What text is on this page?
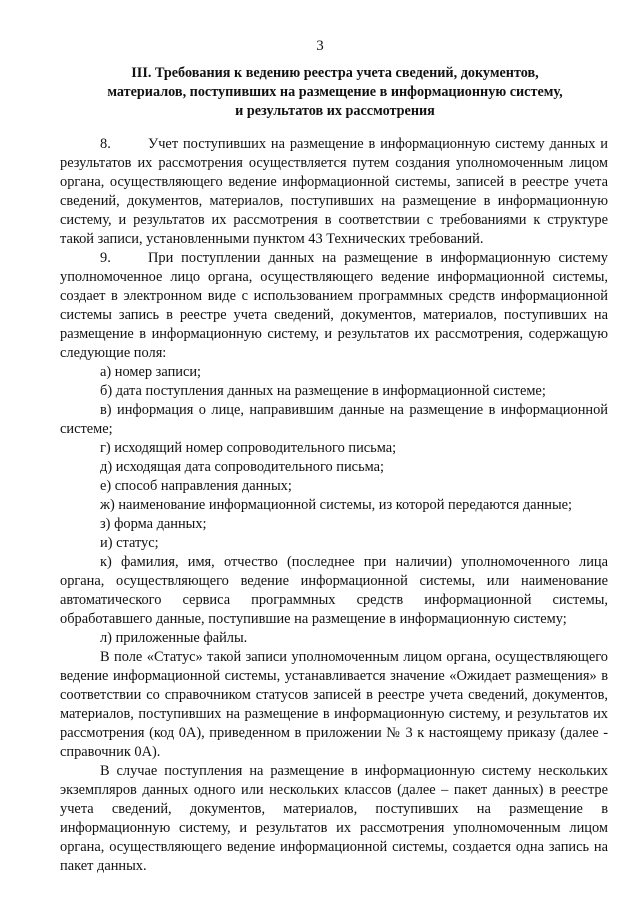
3
III. Требования к ведению реестра учета сведений, документов,
материалов, поступивших на размещение в информационную систему,
и результатов их рассмотрения

8.	Учет поступивших на размещение в информационную систему данных и результатов их рассмотрения осуществляется путем создания уполномоченным лицом органа, осуществляющего ведение информационной системы, записей в реестре учета сведений, документов, материалов, поступивших на размещение в информационную систему, и результатов их рассмотрения в соответствии с требованиями к структуре такой записи, установленными пунктом 43 Технических требований.

9.	При поступлении данных на размещение в информационную систему уполномоченное лицо органа, осуществляющего ведение информационной системы, создает в электронном виде с использованием программных средств информационной системы запись в реестре учета сведений, документов, материалов, поступивших на размещение в информационную систему, и результатов их рассмотрения, содержащую следующие поля:

а) номер записи;

б) дата поступления данных на размещение в информационной системе;

в) информация о лице, направившим данные на размещение в информационной системе;

г) исходящий номер сопроводительного письма;

д) исходящая дата сопроводительного письма;

е) способ направления данных;

ж) наименование информационной системы, из которой передаются данные;

з) форма данных;

и) статус;

к) фамилия, имя, отчество (последнее при наличии) уполномоченного лица органа, осуществляющего ведение информационной системы, или наименование автоматического сервиса программных средств информационной системы, обработавшего данные, поступившие на размещение в информационную систему;

л) приложенные файлы.

В поле «Статус» такой записи уполномоченным лицом органа, осуществляющего ведение информационной системы, устанавливается значение «Ожидает размещения» в соответствии со справочником статусов записей в реестре учета сведений, документов, материалов, поступивших на размещение в информационную систему, и результатов их рассмотрения (код 0А), приведенном в приложении № 3 к настоящему приказу (далее - справочник 0А).

В случае поступления на размещение в информационную систему нескольких экземпляров данных одного или нескольких классов (далее – пакет данных) в реестре учета сведений, документов, материалов, поступивших на размещение в информационную систему, и результатов их рассмотрения уполномоченным лицом органа, осуществляющего ведение информационной системы, создается одна запись на пакет данных.
